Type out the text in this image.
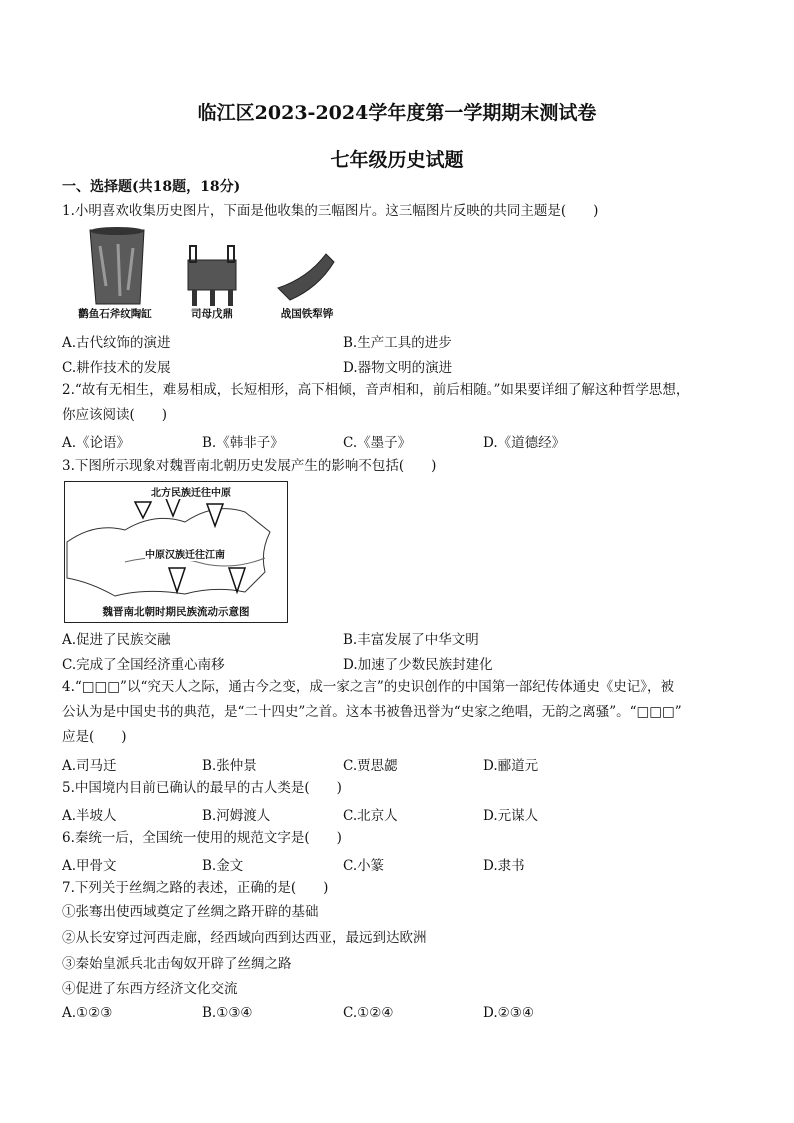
临江区2023-2024学年度第一学期期末测试卷
七年级历史试题
一、选择题(共18题，18分)
1.小明喜欢收集历史图片，下面是他收集的三幅图片。这三幅图片反映的共同主题是(　　)
鹳鱼石斧纹陶缸	司母戊鼎	战国铁犁铧
A.古代纹饰的演进	B.生产工具的进步
C.耕作技术的发展	D.器物文明的演进
2.“故有无相生，难易相成，长短相形，高下相倾，音声相和，前后相随。”如果要详细了解这种哲学思想，
你应该阅读(　　)
A.《论语》	B.《韩非子》	C.《墨子》	D.《道德经》
3.下图所示现象对魏晋南北朝历史发展产生的影响不包括(　　)
北方民族迁往中原
中原汉族迁往江南
魏晋南北朝时期民族流动示意图
A.促进了民族交融	B.丰富发展了中华文明
C.完成了全国经济重心南移	D.加速了少数民族封建化
4.“□□□”以“究天人之际，通古今之变，成一家之言”的史识创作的中国第一部纪传体通史《史记》，被
公认为是中国史书的典范，是“二十四史”之首。这本书被鲁迅誉为“史家之绝唱，无韵之离骚”。“□□□”
应是(　　)
A.司马迁	B.张仲景	C.贾思勰	D.郦道元
5.中国境内目前已确认的最早的古人类是(　　)
A.半坡人	B.河姆渡人	C.北京人	D.元谋人
6.秦统一后，全国统一使用的规范文字是(　　)
A.甲骨文	B.金文	C.小篆	D.隶书
7.下列关于丝绸之路的表述，正确的是(　　)
①张骞出使西域奠定了丝绸之路开辟的基础
②从长安穿过河西走廊，经西域向西到达西亚，最远到达欧洲
③秦始皇派兵北击匈奴开辟了丝绸之路
④促进了东西方经济文化交流
A.①②③	B.①③④	C.①②④	D.②③④
